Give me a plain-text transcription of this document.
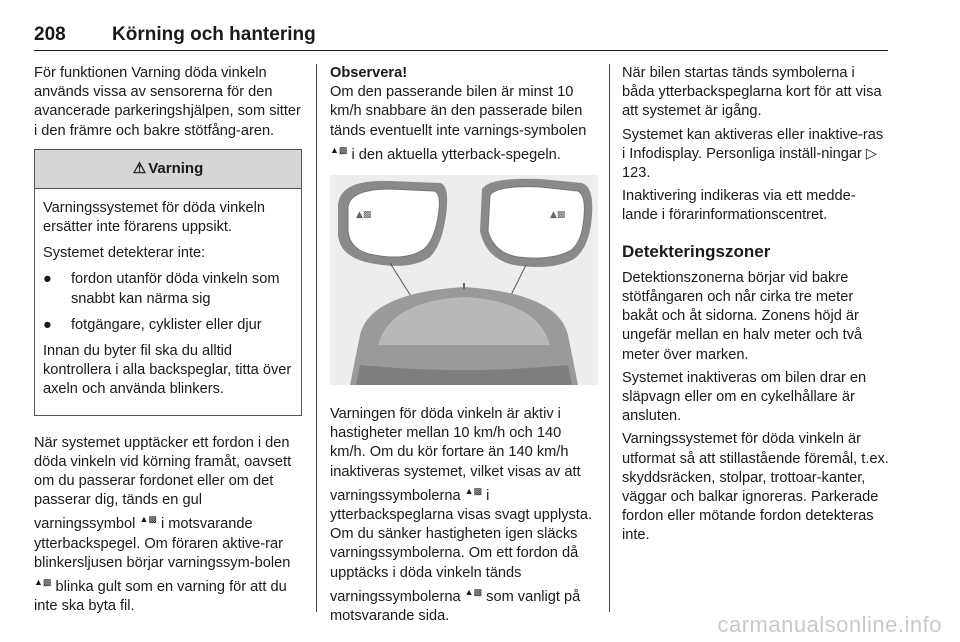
208 Körning och hantering

För funktionen Varning döda vinkeln används vissa av sensorerna för den avancerade parkeringshjälpen, som sitter i den främre och bakre stötfång-aren.

⚠ Varning

Varningssystemet för döda vinkeln ersätter inte förarens uppsikt.

Systemet detekterar inte:

● fordon utanför döda vinkeln som snabbt kan närma sig
● fotgängare, cyklister eller djur

Innan du byter fil ska du alltid kontrollera i alla backspeglar, titta över axeln och använda blinkers.

När systemet upptäcker ett fordon i den döda vinkeln vid körning framåt, oavsett om du passerar fordonet eller om det passerar dig, tänds en gul varningssymbol ▲▩ i motsvarande ytterbackspegel. Om föraren aktive-rar blinkersljusen börjar varningssym-bolen ▲▩ blinka gult som en varning för att du inte ska byta fil.

Observera!

Om den passerande bilen är minst 10 km/h snabbare än den passerade bilen tänds eventuellt inte varnings-symbolen ▲▩ i den aktuella ytterback-spegeln.

▲▩	▲▩

Varningen för döda vinkeln är aktiv i hastigheter mellan 10 km/h och 140 km/h. Om du kör fortare än 140 km/h inaktiveras systemet, vilket visas av att varningssymbolerna ▲▩ i ytterbackspeglarna visas svagt upplysta. Om du sänker hastigheten igen släcks varningssymbolerna. Om ett fordon då upptäcks i döda vinkeln tänds varningssymbolerna ▲▩ som vanligt på motsvarande sida.

När bilen startas tänds symbolerna i båda ytterbackspeglarna kort för att visa att systemet är igång.

Systemet kan aktiveras eller inaktive-ras i Infodisplay. Personliga inställ-ningar ▷ 123.

Inaktivering indikeras via ett medde-lande i förarinformationscentret.

Detekteringszoner

Detektionszonerna börjar vid bakre stötfångaren och når cirka tre meter bakåt och åt sidorna. Zonens höjd är ungefär mellan en halv meter och två meter över marken.

Systemet inaktiveras om bilen drar en släpvagn eller om en cykelhållare är ansluten.

Varningssystemet för döda vinkeln är utformat så att stillastående föremål, t.ex. skyddsräcken, stolpar, trottoar-kanter, väggar och balkar ignoreras. Parkerade fordon eller mötande fordon detekteras inte.

carmanualsonline.info
